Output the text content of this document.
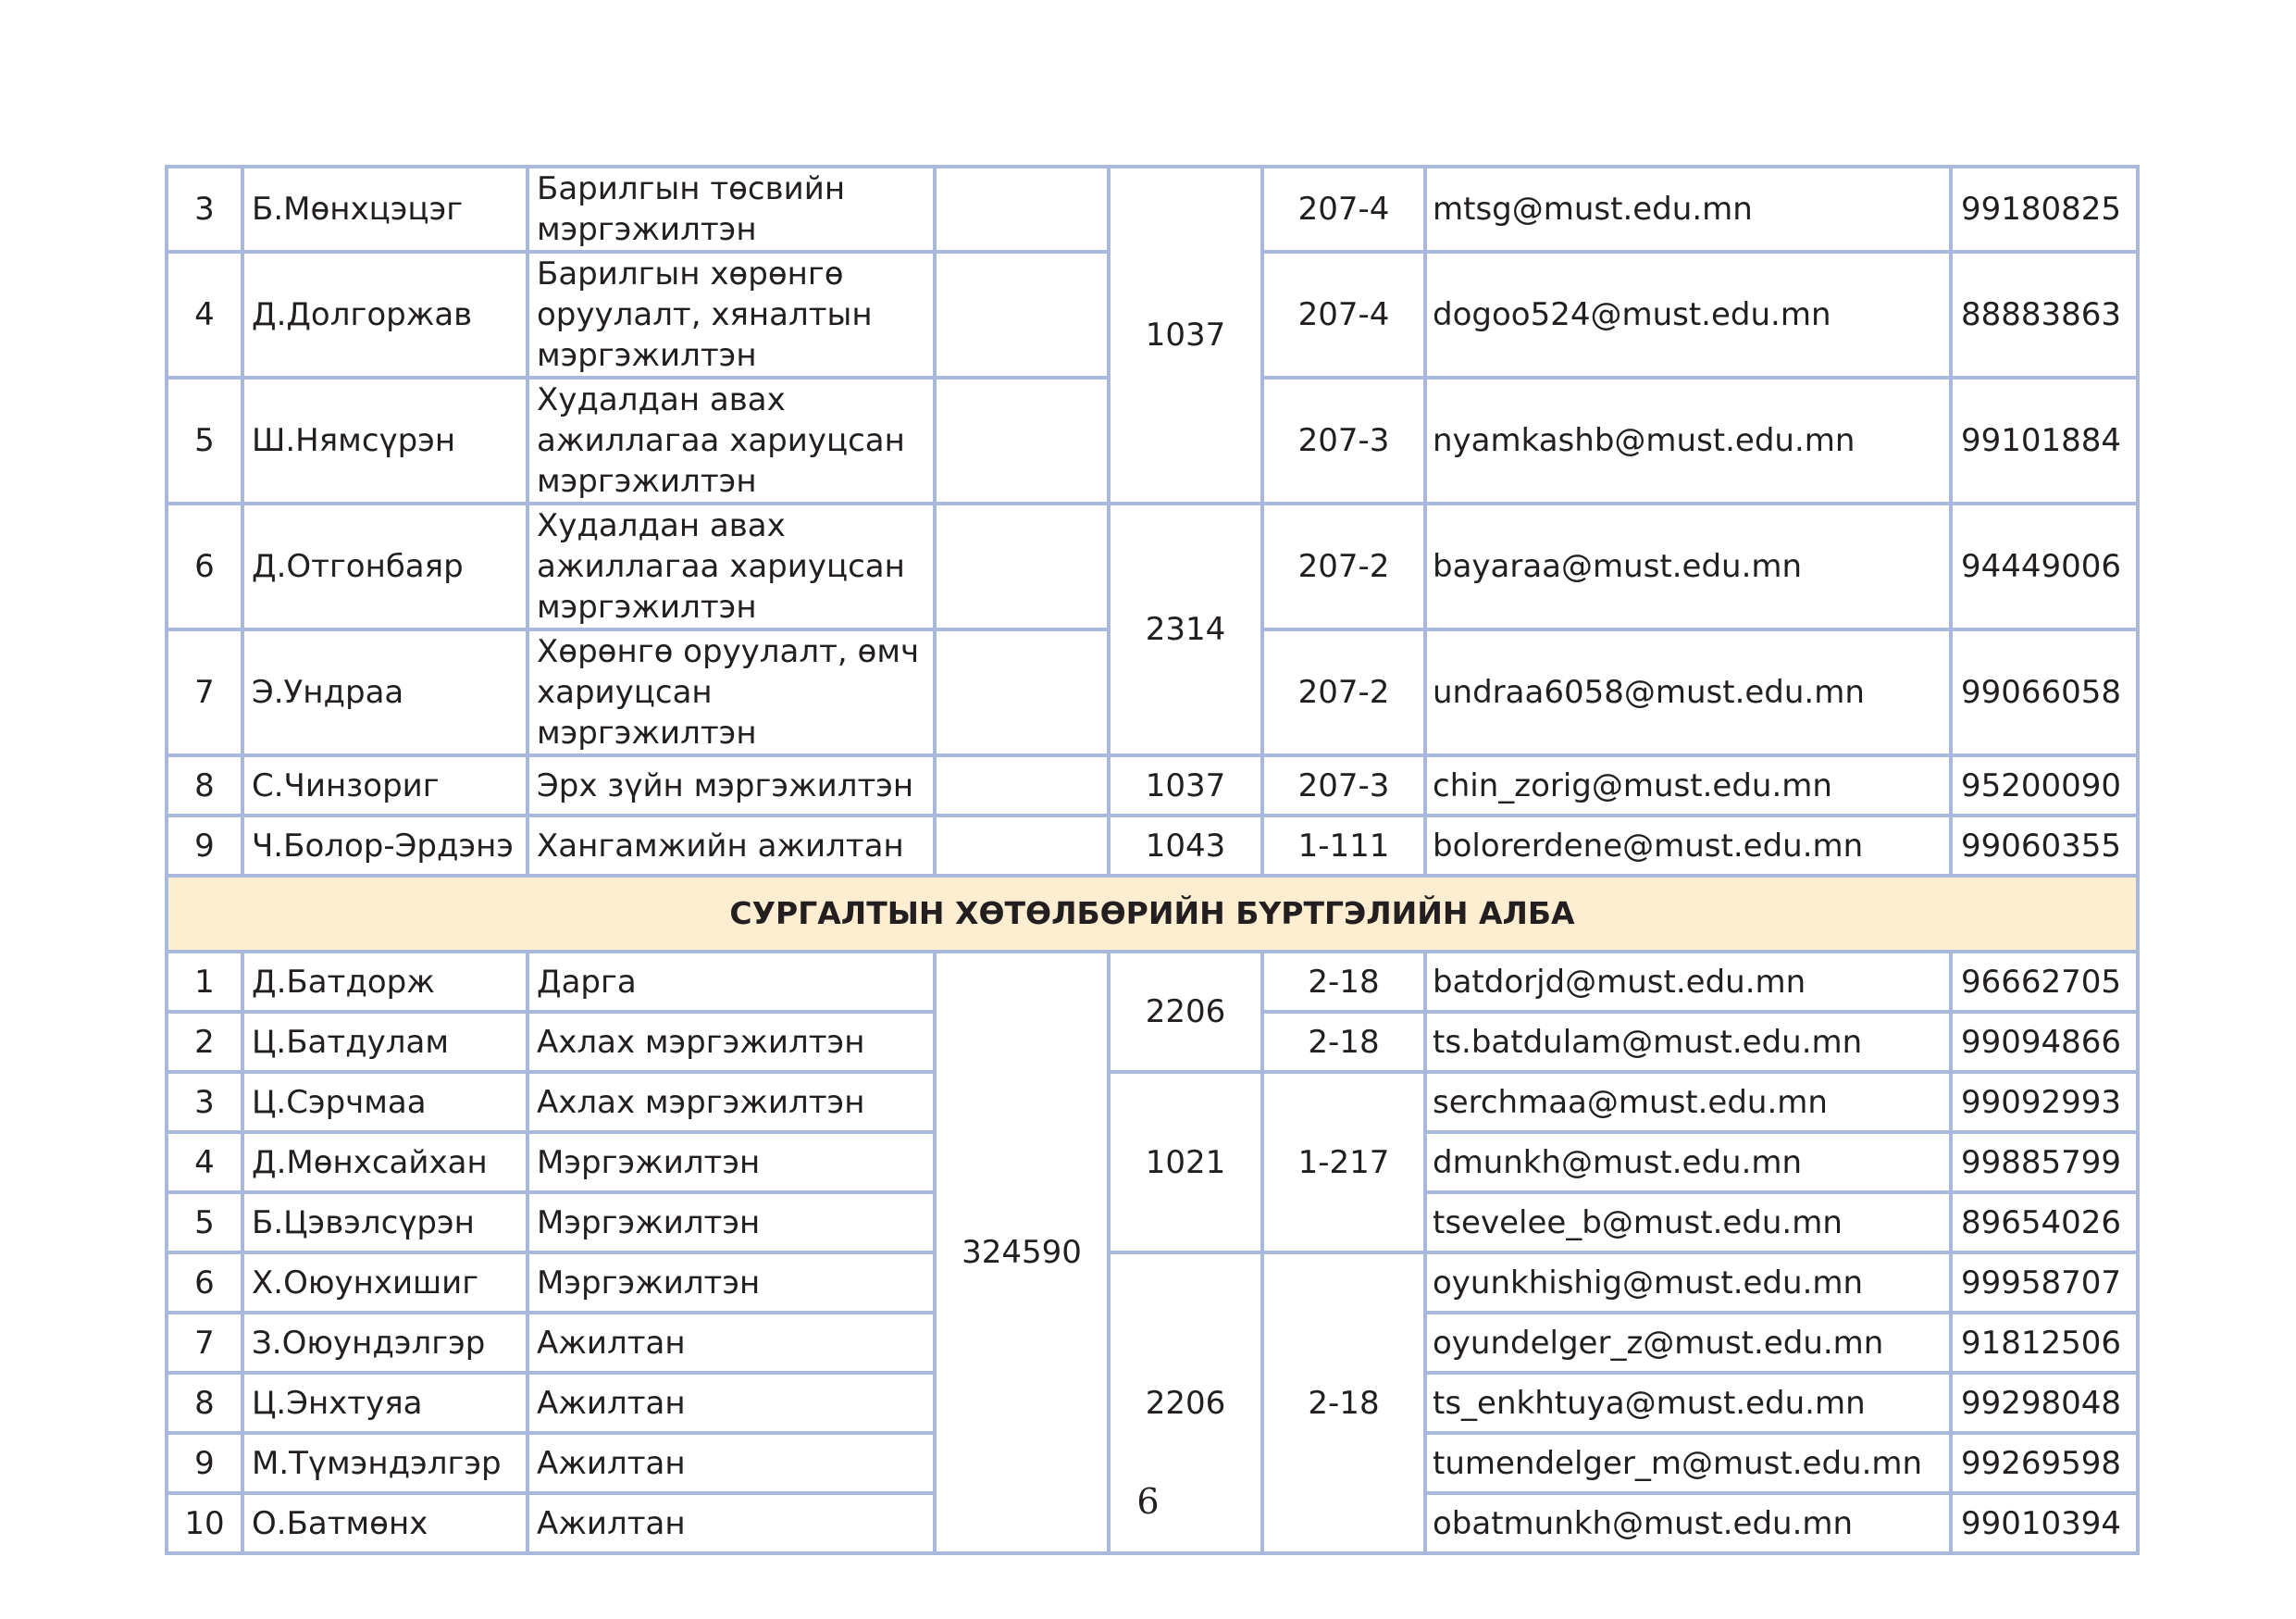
3	Б.Мөнхцэцэг	Барилгын төсвийн мэргэжилтэн		1037	207-4	mtsg@must.edu.mn	99180825
4	Д.Долгоржав	Барилгын хөрөнгө оруулалт, хяналтын мэргэжилтэн			207-4	dogoo524@must.edu.mn	88883863
5	Ш.Нямсүрэн	Худалдан авах ажиллагаа хариуцсан мэргэжилтэн			207-3	nyamkashb@must.edu.mn	99101884
6	Д.Отгонбаяр	Худалдан авах ажиллагаа хариуцсан мэргэжилтэн		2314	207-2	bayaraa@must.edu.mn	94449006
7	Э.Ундраа	Хөрөнгө оруулалт, өмч хариуцсан мэргэжилтэн			207-2	undraa6058@must.edu.mn	99066058
8	С.Чинзориг	Эрх зүйн мэргэжилтэн		1037	207-3	chin_zorig@must.edu.mn	95200090
9	Ч.Болор-Эрдэнэ	Хангамжийн ажилтан		1043	1-111	bolorerdene@must.edu.mn	99060355
СУРГАЛТЫН ХӨТӨЛБӨРИЙН БҮРТГЭЛИЙН АЛБА							
1	Д.Батдорж	Дарга	324590	2206	2-18	batdorjd@must.edu.mn	96662705
2	Ц.Батдулам	Ахлах мэргэжилтэн			2-18	ts.batdulam@must.edu.mn	99094866
3	Ц.Сэрчмаа	Ахлах мэргэжилтэн		1021	1-217	serchmaa@must.edu.mn	99092993
4	Д.Мөнхсайхан	Мэргэжилтэн				dmunkh@must.edu.mn	99885799
5	Б.Цэвэлсүрэн	Мэргэжилтэн				tsevelee_b@must.edu.mn	89654026
6	Х.Оюунхишиг	Мэргэжилтэн		2206	2-18	oyunkhishig@must.edu.mn	99958707
7	З.Оюундэлгэр	Ажилтан				oyundelger_z@must.edu.mn	91812506
8	Ц.Энхтуяа	Ажилтан				ts_enkhtuya@must.edu.mn	99298048
9	М.Түмэндэлгэр	Ажилтан				tumendelger_m@must.edu.mn	99269598
10	О.Батмөнх	Ажилтан				obatmunkh@must.edu.mn	99010394
6
